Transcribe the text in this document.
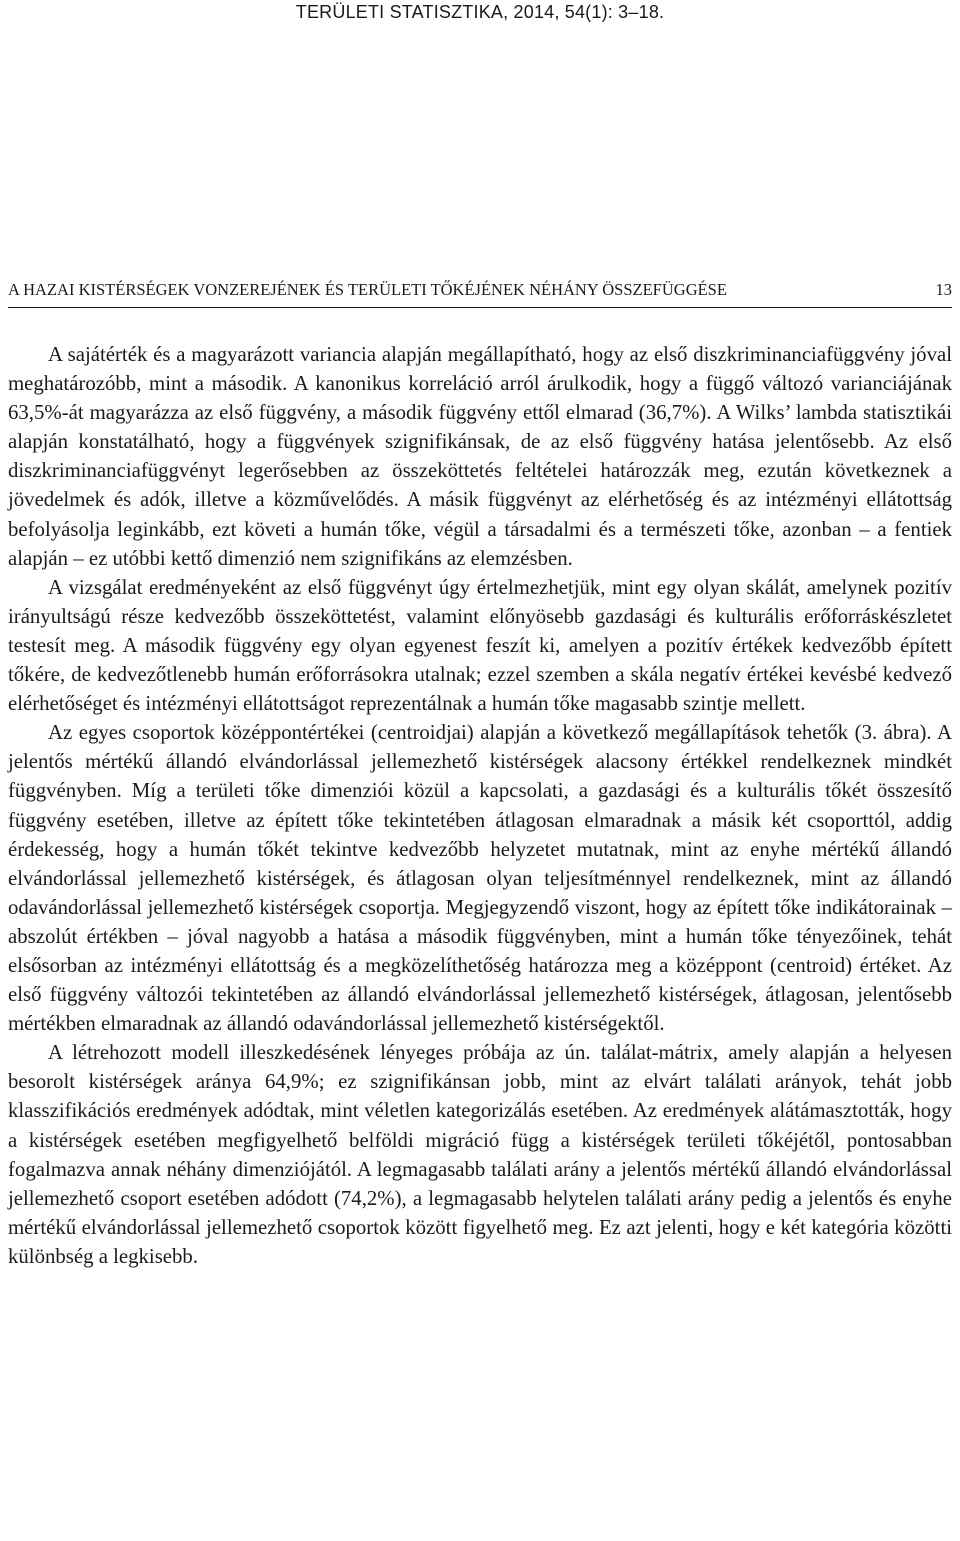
TERÜLETI STATISZTIKA, 2014, 54(1): 3–18.
A HAZAI KISTÉRSÉGEK VONZEREJÉNEK ÉS TERÜLETI TŐKÉJÉNEK NÉHÁNY ÖSSZEFÜGGÉSE	13

A sajátérték és a magyarázott variancia alapján megállapítható, hogy az első diszkriminanciafüggvény jóval meghatározóbb, mint a második. A kanonikus korreláció arról árulkodik, hogy a függő változó varianciájának 63,5%-át magyarázza az első függvény, a második függvény ettől elmarad (36,7%). A Wilks’ lambda statisztikái alapján konstatálható, hogy a függvények szignifikánsak, de az első függvény hatása jelentősebb. Az első diszkriminanciafüggvényt legerősebben az összeköttetés feltételei határozzák meg, ezután következnek a jövedelmek és adók, illetve a közművelődés. A másik függvényt az elérhetőség és az intézményi ellátottság befolyásolja leginkább, ezt követi a humán tőke, végül a társadalmi és a természeti tőke, azonban – a fentiek alapján – ez utóbbi kettő dimenzió nem szignifikáns az elemzésben.

A vizsgálat eredményeként az első függvényt úgy értelmezhetjük, mint egy olyan skálát, amelynek pozitív irányultságú része kedvezőbb összeköttetést, valamint előnyösebb gazdasági és kulturális erőforráskészletet testesít meg. A második függvény egy olyan egyenest feszít ki, amelyen a pozitív értékek kedvezőbb épített tőkére, de kedvezőtlenebb humán erőforrásokra utalnak; ezzel szemben a skála negatív értékei kevésbé kedvező elérhetőséget és intézményi ellátottságot reprezentálnak a humán tőke magasabb szintje mellett.

Az egyes csoportok középpontértékei (centroidjai) alapján a következő megállapítások tehetők (3. ábra). A jelentős mértékű állandó elvándorlással jellemezhető kistérségek alacsony értékkel rendelkeznek mindkét függvényben. Míg a területi tőke dimenziói közül a kapcsolati, a gazdasági és a kulturális tőkét összesítő függvény esetében, illetve az épített tőke tekintetében átlagosan elmaradnak a másik két csoporttól, addig érdekesség, hogy a humán tőkét tekintve kedvezőbb helyzetet mutatnak, mint az enyhe mértékű állandó elvándorlással jellemezhető kistérségek, és átlagosan olyan teljesítménnyel rendelkeznek, mint az állandó odavándorlással jellemezhető kistérségek csoportja. Megjegyzendő viszont, hogy az épített tőke indikátorainak – abszolút értékben – jóval nagyobb a hatása a második függvényben, mint a humán tőke tényezőinek, tehát elsősorban az intézményi ellátottság és a megközelíthetőség határozza meg a középpont (centroid) értéket. Az első függvény változói tekintetében az állandó elvándorlással jellemezhető kistérségek, átlagosan, jelentősebb mértékben elmaradnak az állandó odavándorlással jellemezhető kistérségektől.

A létrehozott modell illeszkedésének lényeges próbája az ún. találat-mátrix, amely alapján a helyesen besorolt kistérségek aránya 64,9%; ez szignifikánsan jobb, mint az elvárt találati arányok, tehát jobb klasszifikációs eredmények adódtak, mint véletlen kategorizálás esetében. Az eredmények alátámasztották, hogy a kistérségek esetében megfigyelhető belföldi migráció függ a kistérségek területi tőkéjétől, pontosabban fogalmazva annak néhány dimenziójától. A legmagasabb találati arány a jelentős mértékű állandó elvándorlással jellemezhető csoport esetében adódott (74,2%), a legmagasabb helytelen találati arány pedig a jelentős és enyhe mértékű elvándorlással jellemezhető csoportok között figyelhető meg. Ez azt jelenti, hogy e két kategória közötti különbség a legkisebb.
